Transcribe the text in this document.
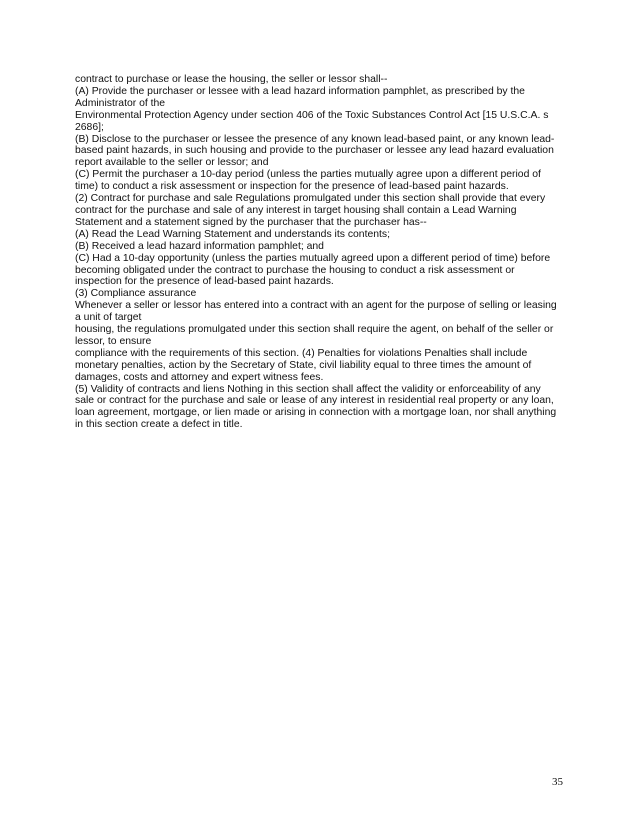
contract to purchase or lease the housing, the seller or lessor shall--
(A) Provide the purchaser or lessee with a lead hazard information pamphlet, as prescribed by the
Administrator of the
Environmental Protection Agency under section 406 of the Toxic Substances Control Act [15 U.S.C.A. s
2686];
(B) Disclose to the purchaser or lessee the presence of any known lead-based paint, or any known lead-
based paint hazards, in such housing and provide to the purchaser or lessee any lead hazard evaluation
report available to the seller or lessor; and
(C) Permit the purchaser a 10-day period (unless the parties mutually agree upon a different period of
time) to conduct a risk assessment or inspection for the presence of lead-based paint hazards.
(2) Contract for purchase and sale Regulations promulgated under this section shall provide that every
contract for the purchase and sale of any interest in target housing shall contain a Lead Warning
Statement and a statement signed by the purchaser that the purchaser has--
(A) Read the Lead Warning Statement and understands its contents;
(B) Received a lead hazard information pamphlet; and
(C) Had a 10-day opportunity (unless the parties mutually agreed upon a different period of time) before
becoming obligated under the contract to purchase the housing to conduct a risk assessment or
inspection for the presence of lead-based paint hazards.
(3) Compliance assurance
Whenever a seller or lessor has entered into a contract with an agent for the purpose of selling or leasing
a unit of target
housing, the regulations promulgated under this section shall require the agent, on behalf of the seller or
lessor, to ensure
compliance with the requirements of this section. (4) Penalties for violations Penalties shall include
monetary penalties, action by the Secretary of State, civil liability equal to three times the amount of
damages, costs and attorney and expert witness fees.
(5) Validity of contracts and liens Nothing in this section shall affect the validity or enforceability of any
sale or contract for the purchase and sale or lease of any interest in residential real property or any loan,
loan agreement, mortgage, or lien made or arising in connection with a mortgage loan, nor shall anything
in this section create a defect in title.
35
